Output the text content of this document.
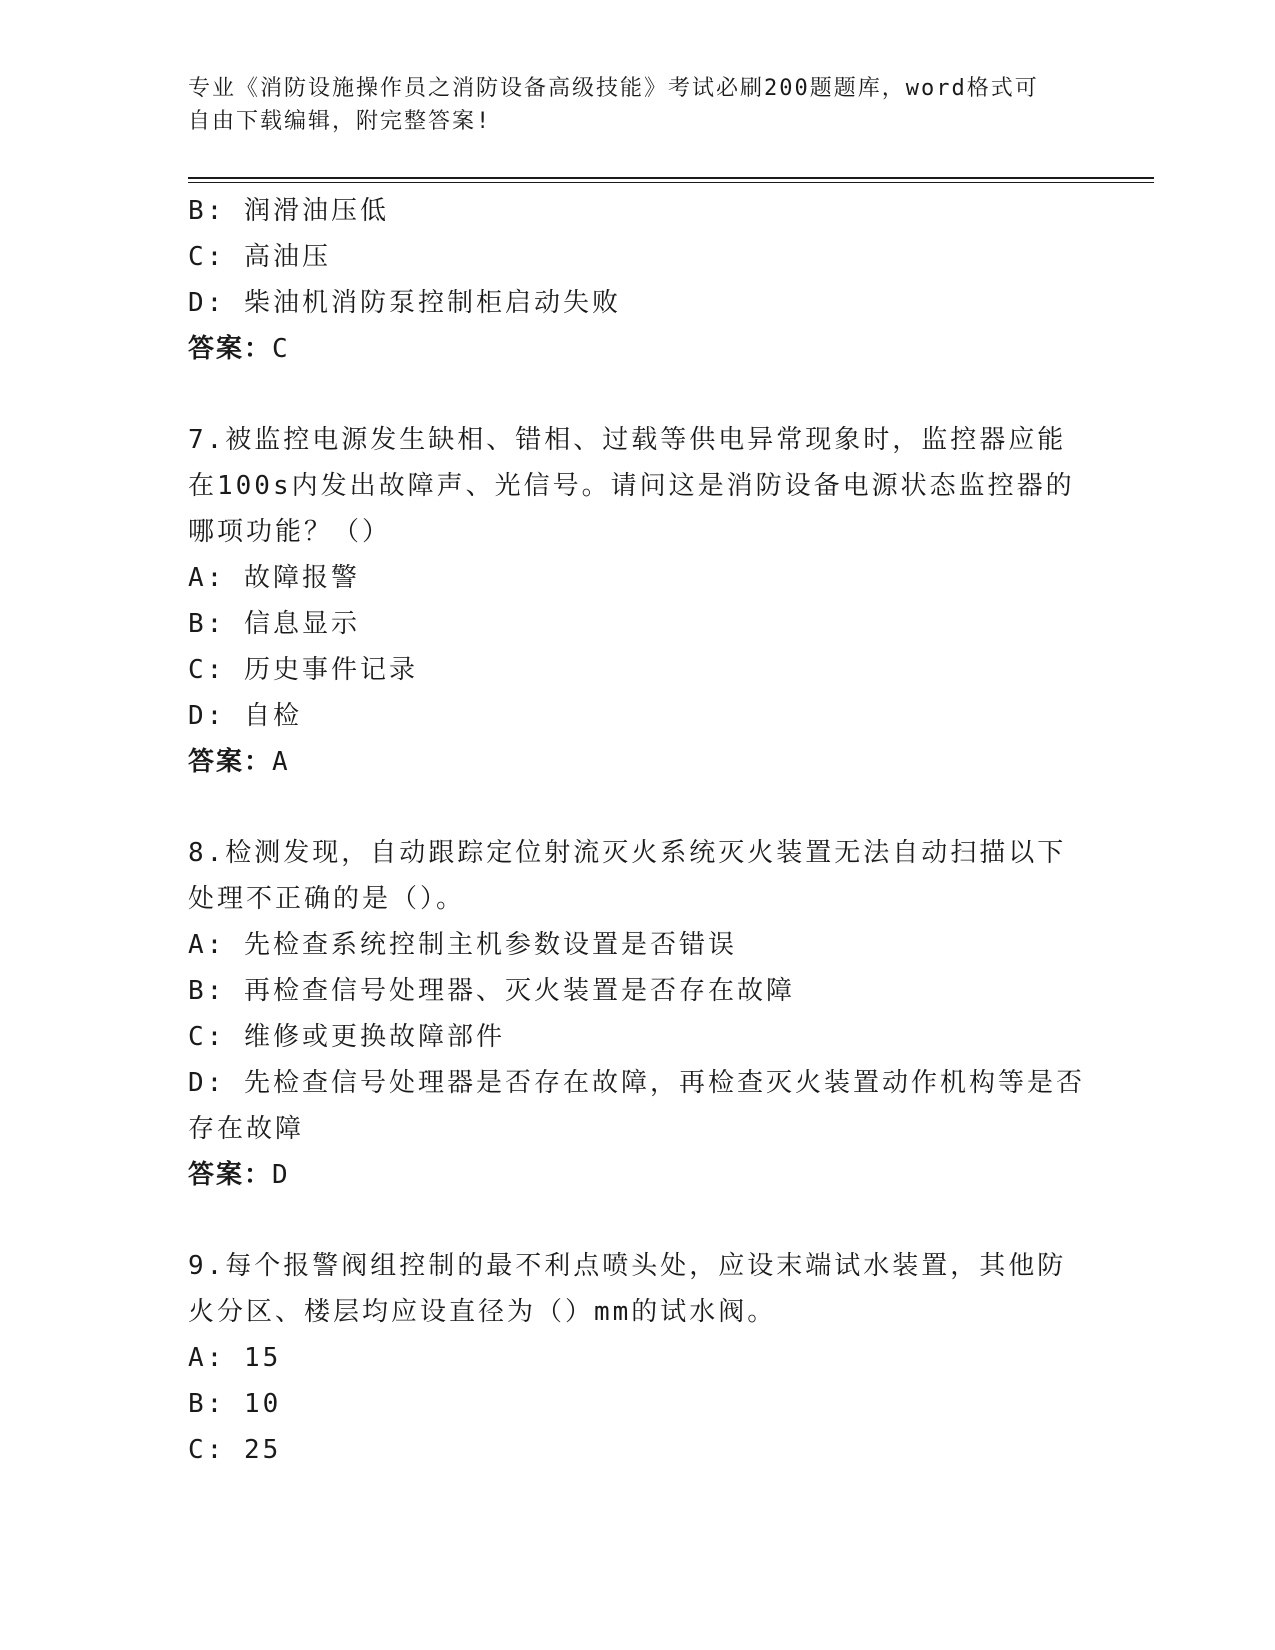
专业《消防设施操作员之消防设备高级技能》考试必刷200题题库，word格式可
自由下载编辑，附完整答案!
B: 润滑油压低
C: 高油压
D: 柴油机消防泵控制柜启动失败
答案：C
7.被监控电源发生缺相、错相、过载等供电异常现象时，监控器应能
在100s内发出故障声、光信号。请问这是消防设备电源状态监控器的
哪项功能？（）
A: 故障报警
B: 信息显示
C: 历史事件记录
D: 自检
答案：A
8.检测发现，自动跟踪定位射流灭火系统灭火装置无法自动扫描以下
处理不正确的是（）。
A: 先检查系统控制主机参数设置是否错误
B: 再检查信号处理器、灭火装置是否存在故障
C: 维修或更换故障部件
D: 先检查信号处理器是否存在故障，再检查灭火装置动作机构等是否
存在故障
答案：D
9.每个报警阀组控制的最不利点喷头处，应设末端试水装置，其他防
火分区、楼层均应设直径为（）mm的试水阀。
A: 15
B: 10
C: 25
